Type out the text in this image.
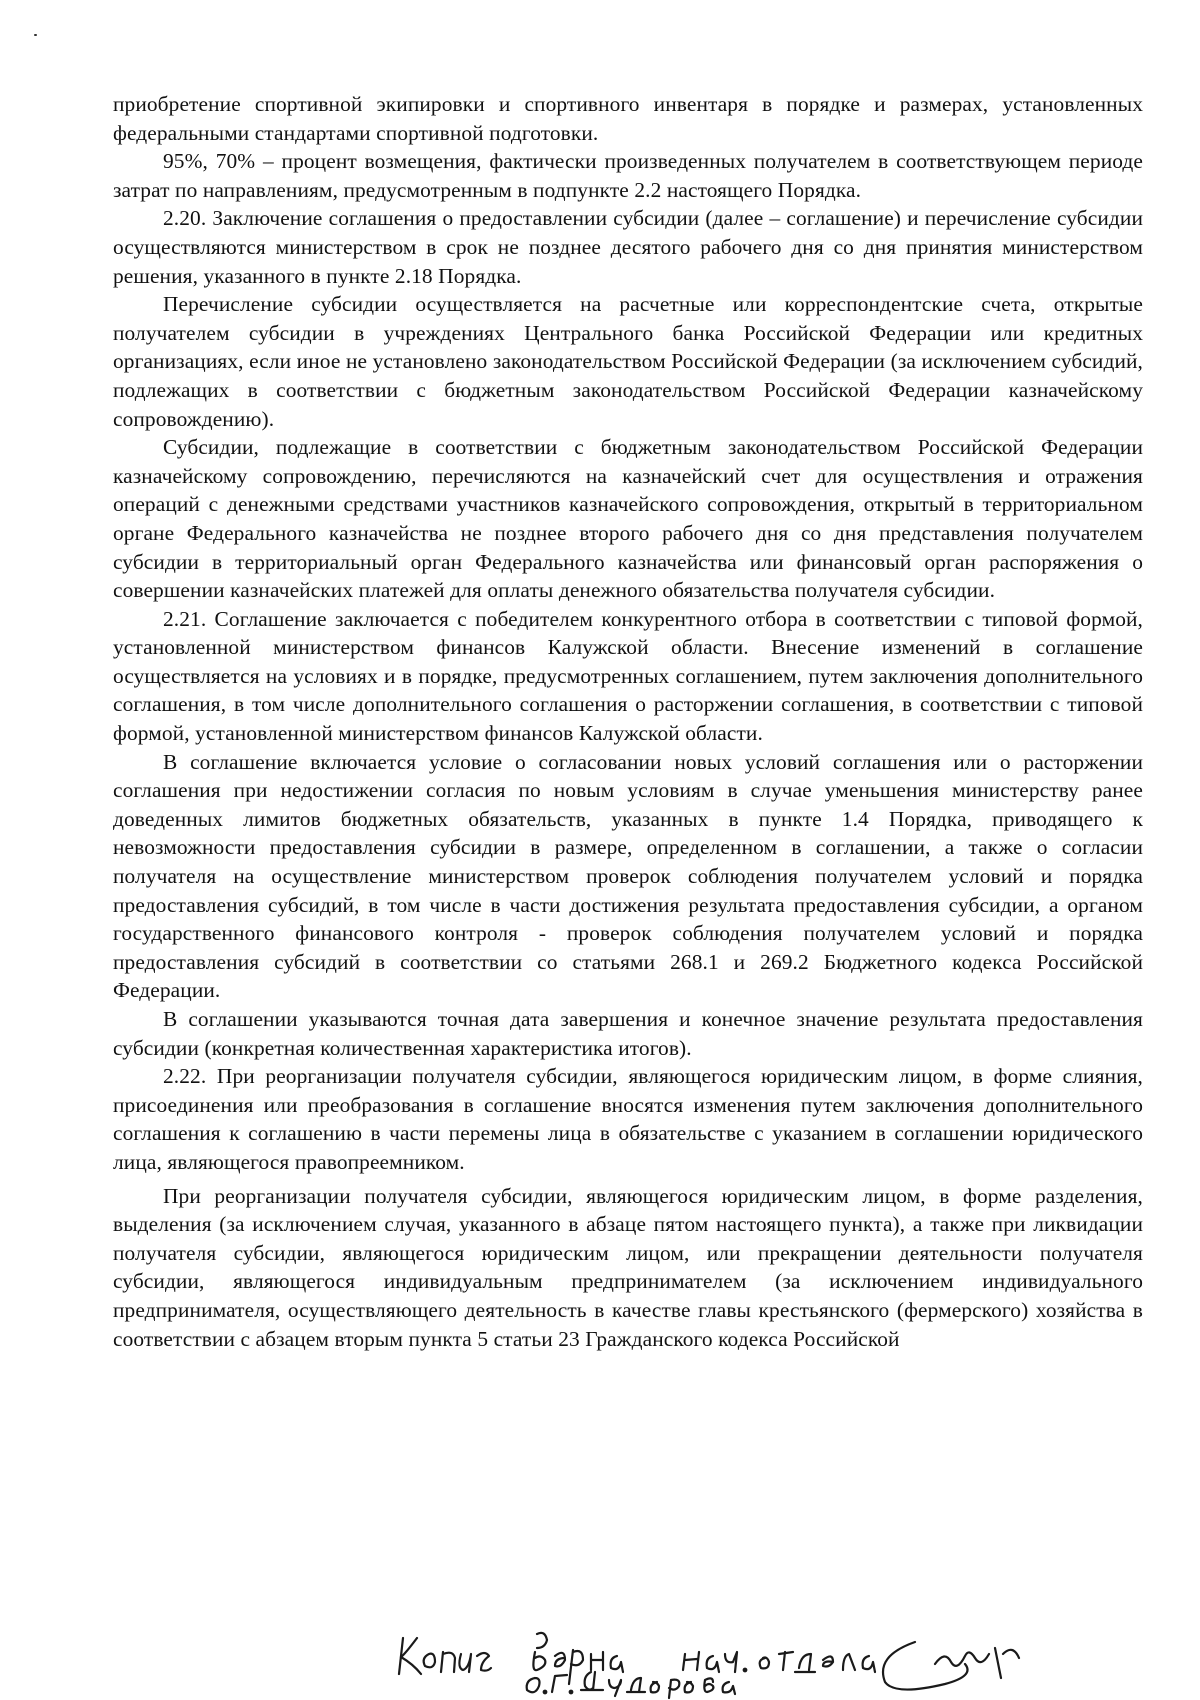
приобретение спортивной экипировки и спортивного инвентаря в порядке и размерах, установленных федеральными стандартами спортивной подготовки.

95%, 70% – процент возмещения, фактически произведенных получателем в соответствующем периоде затрат по направлениям, предусмотренным в подпункте 2.2 настоящего Порядка.

2.20. Заключение соглашения о предоставлении субсидии (далее – соглашение) и перечисление субсидии осуществляются министерством в срок не позднее десятого рабочего дня со дня принятия министерством решения, указанного в пункте 2.18 Порядка.

Перечисление субсидии осуществляется на расчетные или корреспондентские счета, открытые получателем субсидии в учреждениях Центрального банка Российской Федерации или кредитных организациях, если иное не установлено законодательством Российской Федерации (за исключением субсидий, подлежащих в соответствии с бюджетным законодательством Российской Федерации казначейскому сопровождению).

Субсидии, подлежащие в соответствии с бюджетным законодательством Российской Федерации казначейскому сопровождению, перечисляются на казначейский счет для осуществления и отражения операций с денежными средствами участников казначейского сопровождения, открытый в территориальном органе Федерального казначейства не позднее второго рабочего дня со дня представления получателем субсидии в территориальный орган Федерального казначейства или финансовый орган распоряжения о совершении казначейских платежей для оплаты денежного обязательства получателя субсидии.

2.21. Соглашение заключается с победителем конкурентного отбора в соответствии с типовой формой, установленной министерством финансов Калужской области. Внесение изменений в соглашение осуществляется на условиях и в порядке, предусмотренных соглашением, путем заключения дополнительного соглашения, в том числе дополнительного соглашения о расторжении соглашения, в соответствии с типовой формой, установленной министерством финансов Калужской области.

В соглашение включается условие о согласовании новых условий соглашения или о расторжении соглашения при недостижении согласия по новым условиям в случае уменьшения министерству ранее доведенных лимитов бюджетных обязательств, указанных в пункте 1.4 Порядка, приводящего к невозможности предоставления субсидии в размере, определенном в соглашении, а также о согласии получателя на осуществление министерством проверок соблюдения получателем условий и порядка предоставления субсидий, в том числе в части достижения результата предоставления субсидии, а органом государственного финансового контроля - проверок соблюдения получателем условий и порядка предоставления субсидий в соответствии со статьями 268.1 и 269.2 Бюджетного кодекса Российской Федерации.

В соглашении указываются точная дата завершения и конечное значение результата предоставления субсидии (конкретная количественная характеристика итогов).

2.22. При реорганизации получателя субсидии, являющегося юридическим лицом, в форме слияния, присоединения или преобразования в соглашение вносятся изменения путем заключения дополнительного соглашения к соглашению в части перемены лица в обязательстве с указанием в соглашении юридического лица, являющегося правопреемником.

При реорганизации получателя субсидии, являющегося юридическим лицом, в форме разделения, выделения (за исключением случая, указанного в абзаце пятом настоящего пункта), а также при ликвидации получателя субсидии, являющегося юридическим лицом, или прекращении деятельности получателя субсидии, являющегося индивидуальным предпринимателем (за исключением индивидуального предпринимателя, осуществляющего деятельность в качестве главы крестьянского (фермерского) хозяйства в соответствии с абзацем вторым пункта 5 статьи 23 Гражданского кодекса Российской
